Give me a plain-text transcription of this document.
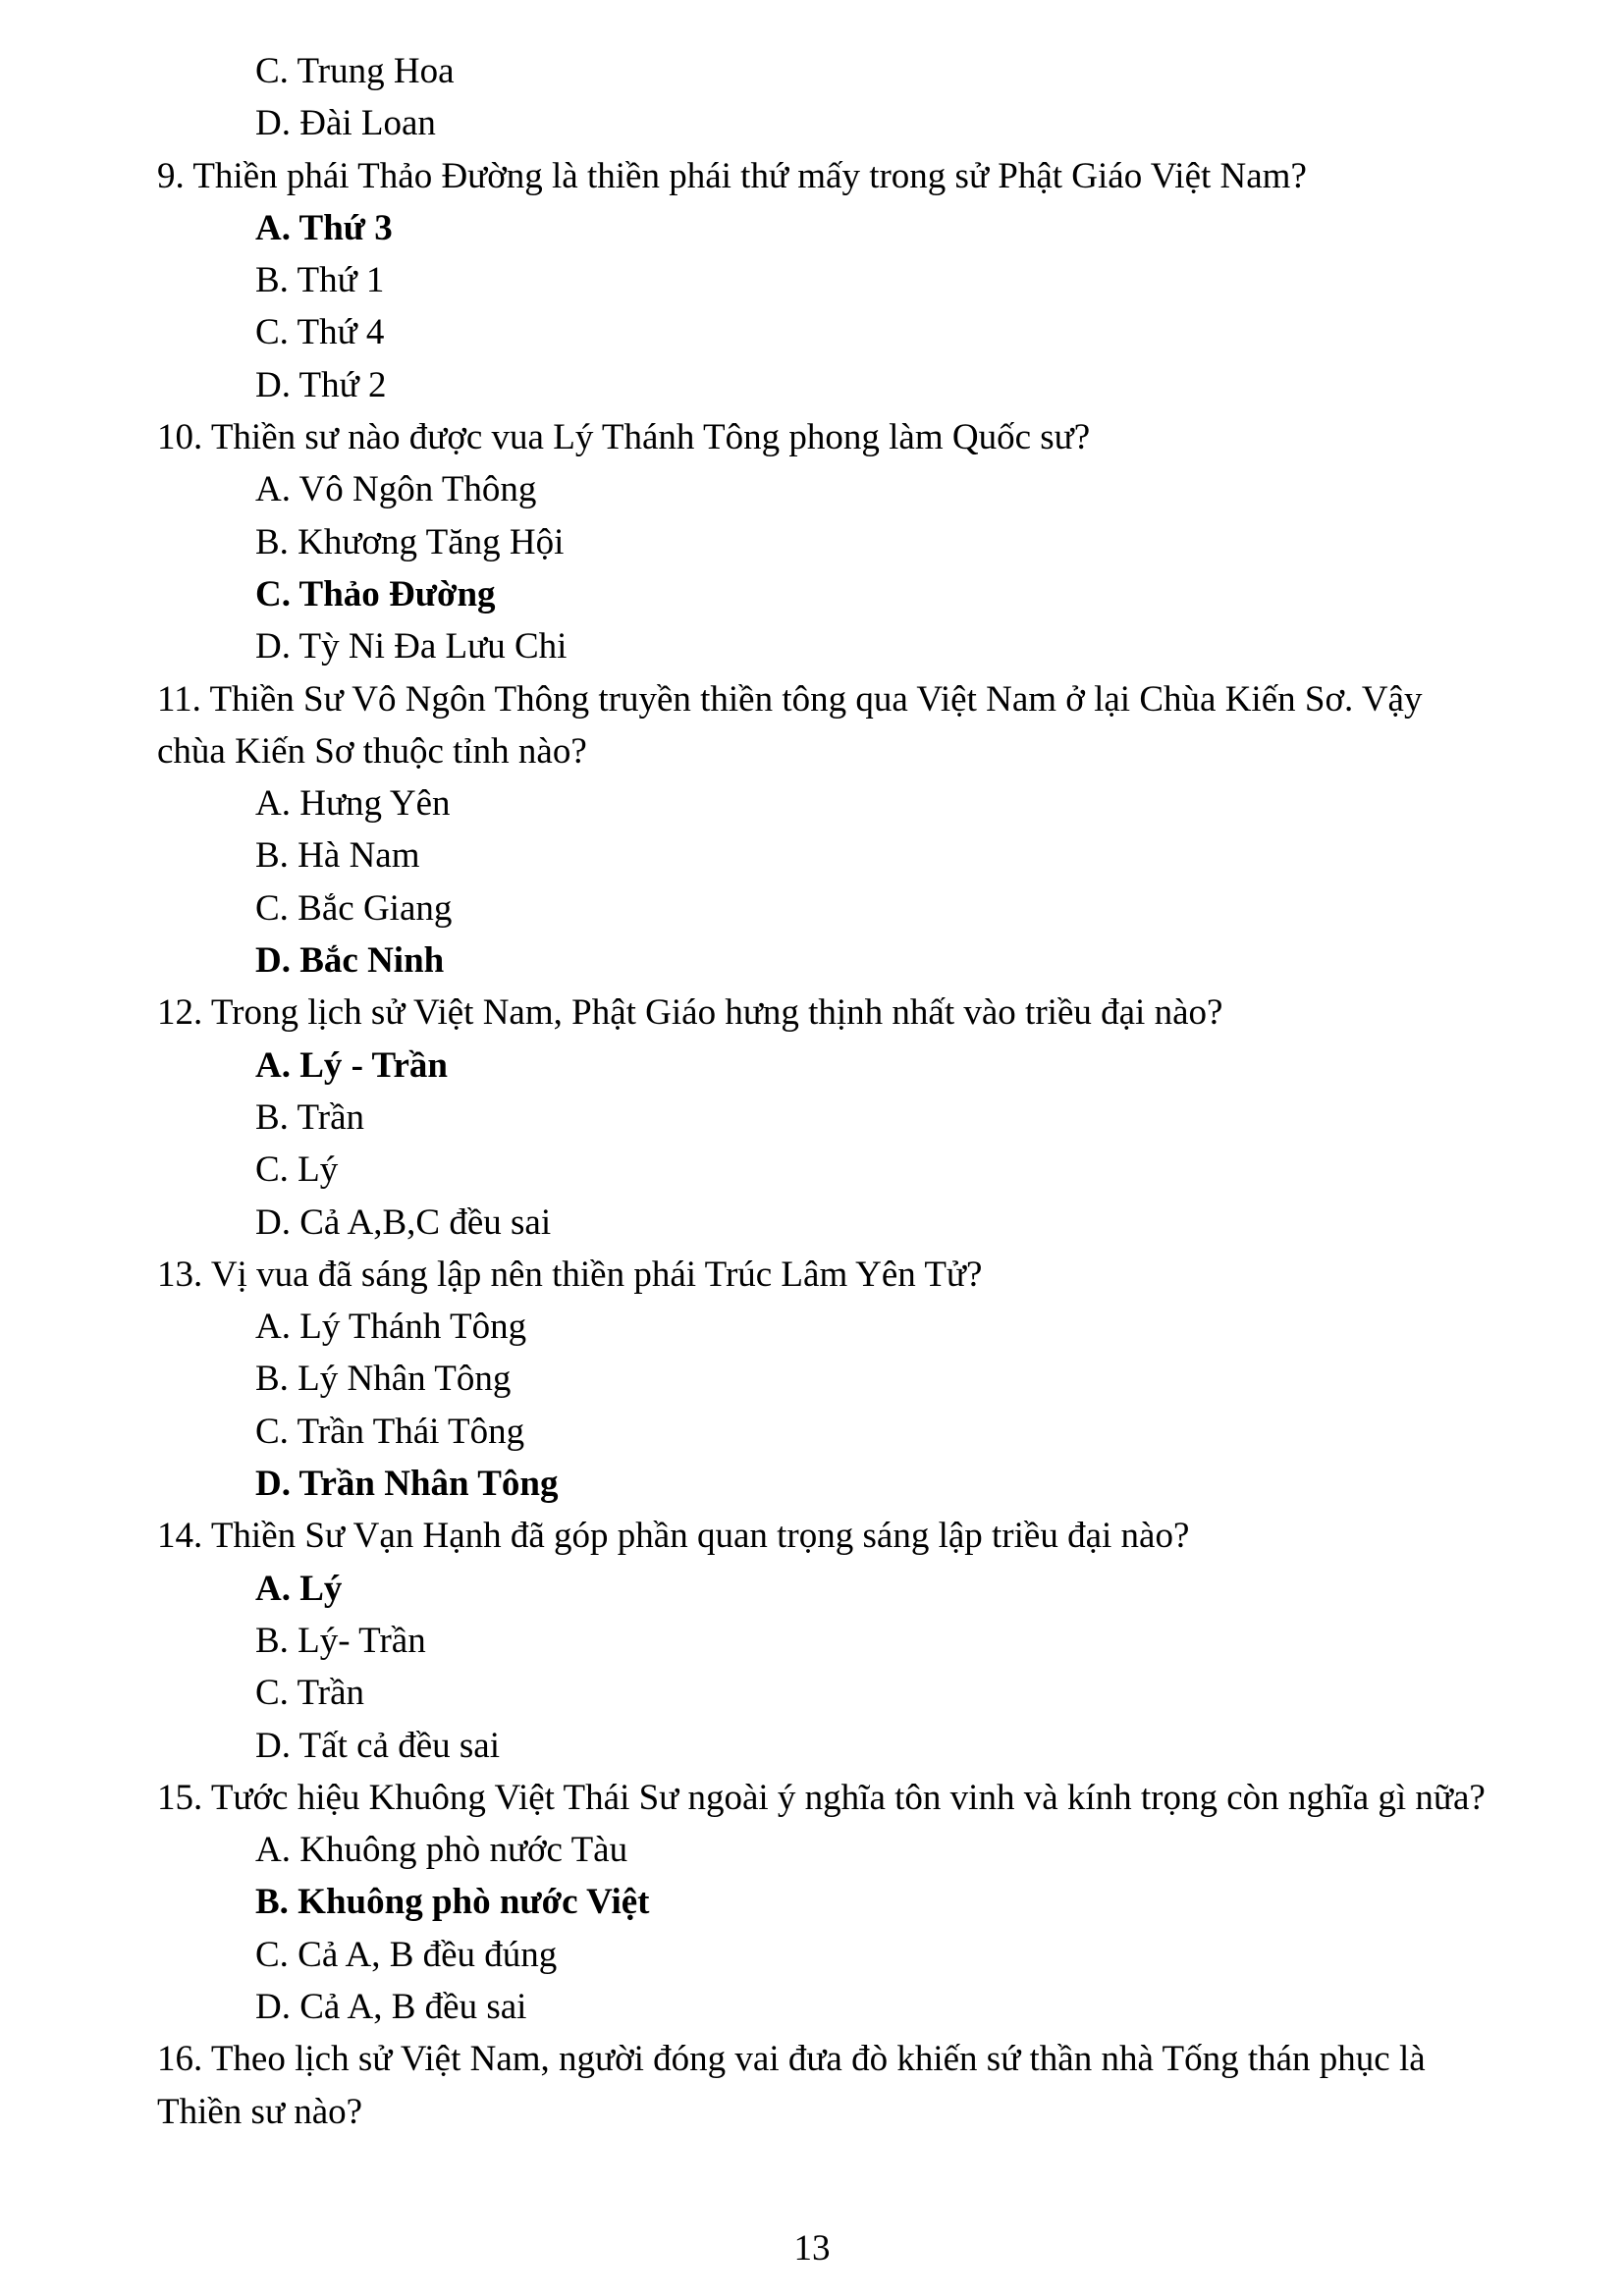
C. Trung Hoa

D. Đài Loan

9. Thiền phái Thảo Đường là thiền phái thứ mấy trong sử Phật Giáo Việt Nam?

A. Thứ 3

B. Thứ 1

C. Thứ 4

D. Thứ 2

10. Thiền sư nào được vua Lý Thánh Tông phong làm Quốc sư?

A. Vô Ngôn Thông

B. Khương Tăng Hội

C. Thảo Đường

D. Tỳ Ni Đa Lưu Chi

11. Thiền Sư Vô Ngôn Thông truyền thiền tông qua Việt Nam ở lại Chùa Kiến Sơ. Vậy chùa Kiến Sơ thuộc tỉnh nào?

A. Hưng Yên

B. Hà Nam

C. Bắc Giang

D. Bắc Ninh

12. Trong lịch sử Việt Nam, Phật Giáo hưng thịnh nhất vào triều đại nào?

A. Lý - Trần

B. Trần

C. Lý

D. Cả A,B,C đều sai

13. Vị vua đã sáng lập nên thiền phái Trúc Lâm Yên Tử?

A. Lý Thánh Tông

B. Lý Nhân Tông

C. Trần Thái Tông

D. Trần Nhân Tông

14. Thiền Sư Vạn Hạnh đã góp phần quan trọng sáng lập triều đại nào?

A. Lý

B. Lý- Trần

C. Trần

D. Tất cả đều sai

15. Tước hiệu Khuông Việt Thái Sư ngoài ý nghĩa tôn vinh và kính trọng còn nghĩa gì nữa?

A. Khuông phò nước Tàu

B. Khuông phò nước Việt

C. Cả A, B đều đúng

D. Cả A, B đều sai

16. Theo lịch sử Việt Nam, người đóng vai đưa đò khiến sứ thần nhà Tống thán phục là Thiền sư nào?

13
